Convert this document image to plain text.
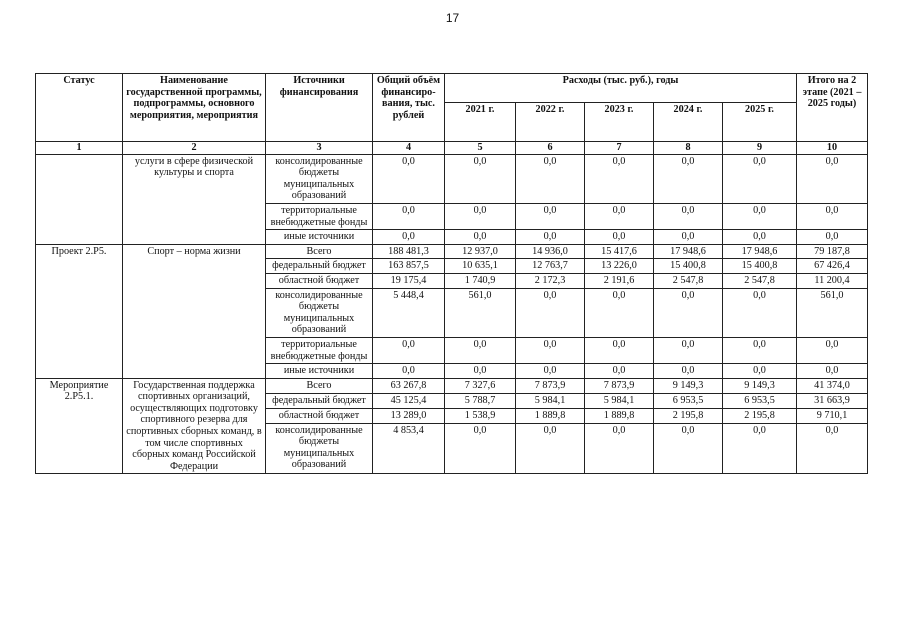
17
Статус	Наименование государственной программы, подпрограммы, основного мероприятия, мероприятия	Источники финансирования	Общий объём финансиро-вания, тыс. рублей	Расходы (тыс. руб.), годы					Итого на 2 этапе (2021 – 2025 годы)
				2021 г.	2022 г.	2023 г.	2024 г.	2025 г.	
1	2	3	4	5	6	7	8	9	10
	услуги в сфере физической культуры и спорта	консолидированные бюджеты муниципальных образований	0,0	0,0	0,0	0,0	0,0	0,0	0,0
		территориальные внебюджетные фонды	0,0	0,0	0,0	0,0	0,0	0,0	0,0
		иные источники	0,0	0,0	0,0	0,0	0,0	0,0	0,0
Проект 2.Р5.	Спорт – норма жизни	Всего	188 481,3	12 937,0	14 936,0	15 417,6	17 948,6	17 948,6	79 187,8
		федеральный бюджет	163 857,5	10 635,1	12 763,7	13 226,0	15 400,8	15 400,8	67 426,4
		областной бюджет	19 175,4	1 740,9	2 172,3	2 191,6	2 547,8	2 547,8	11 200,4
		консолидированные бюджеты муниципальных образований	5 448,4	561,0	0,0	0,0	0,0	0,0	561,0
		территориальные внебюджетные фонды	0,0	0,0	0,0	0,0	0,0	0,0	0,0
		иные источники	0,0	0,0	0,0	0,0	0,0	0,0	0,0
Мероприятие 2.Р5.1.	Государственная поддержка спортивных организаций, осуществляющих подготовку спортивного резерва для спортивных сборных команд, в том числе спортивных сборных команд Российской Федерации	Всего	63 267,8	7 327,6	7 873,9	7 873,9	9 149,3	9 149,3	41 374,0
		федеральный бюджет	45 125,4	5 788,7	5 984,1	5 984,1	6 953,5	6 953,5	31 663,9
		областной бюджет	13 289,0	1 538,9	1 889,8	1 889,8	2 195,8	2 195,8	9 710,1
		консолидированные бюджеты муниципальных образований	4 853,4	0,0	0,0	0,0	0,0	0,0	0,0
